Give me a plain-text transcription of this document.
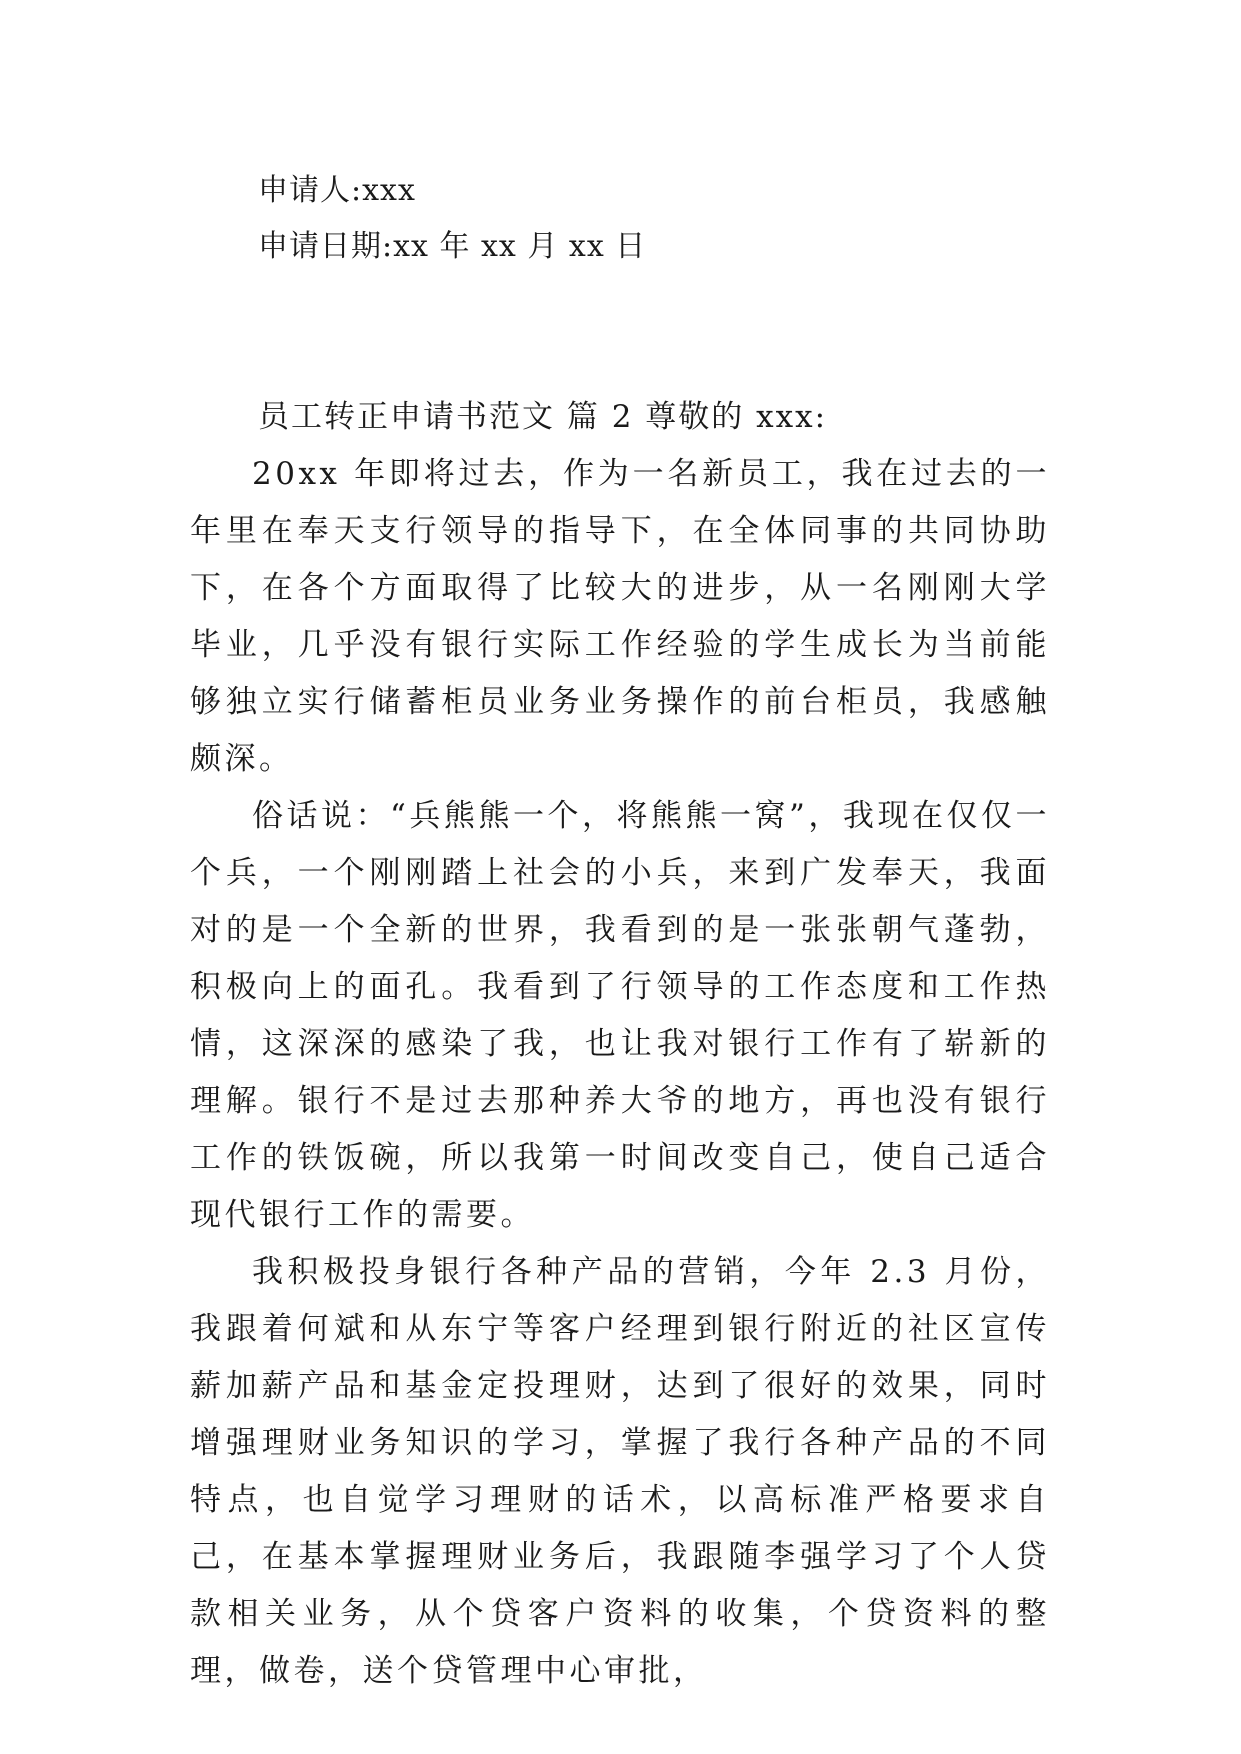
申请人:xxx
申请日期:xx 年 xx 月 xx 日

员工转正申请书范文 篇 2 尊敬的 xxx:

20xx 年即将过去，作为一名新员工，我在过去的一年里在奉天支行领导的指导下，在全体同事的共同协助下，在各个方面取得了比较大的进步，从一名刚刚大学毕业，几乎没有银行实际工作经验的学生成长为当前能够独立实行储蓄柜员业务业务操作的前台柜员，我感触颇深。

俗话说：“兵熊熊一个，将熊熊一窝”，我现在仅仅一个兵，一个刚刚踏上社会的小兵，来到广发奉天，我面对的是一个全新的世界，我看到的是一张张朝气蓬勃，积极向上的面孔。我看到了行领导的工作态度和工作热情，这深深的感染了我，也让我对银行工作有了崭新的理解。银行不是过去那种养大爷的地方，再也没有银行工作的铁饭碗，所以我第一时间改变自己，使自己适合现代银行工作的需要。

我积极投身银行各种产品的营销，今年 2.3 月份，我跟着何斌和从东宁等客户经理到银行附近的社区宣传薪加薪产品和基金定投理财，达到了很好的效果，同时增强理财业务知识的学习，掌握了我行各种产品的不同特点，也自觉学习理财的话术，以高标准严格要求自己，在基本掌握理财业务后，我跟随李强学习了个人贷款相关业务，从个贷客户资料的收集，个贷资料的整理，做卷，送个贷管理中心审批，
